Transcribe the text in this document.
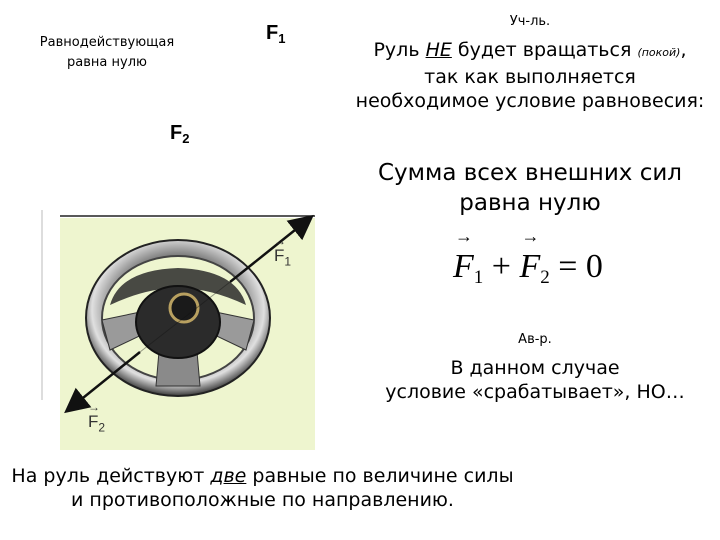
Равнодействующая
равна нулю
$F_1$
$F_2$
Уч-ль.
Руль НЕ будет вращаться (покой),
так как выполняется
необходимое условие равновесия:
Сумма всех внешних сил
равна нулю
→ $F_1$ + → $F_2 = 0$
Ав-р.
В данном случае
условие «срабатывает», НО…
На руль действуют две равные по величине силы
и противоположные по направлению.
→
$F_1$
→
$F_2$
